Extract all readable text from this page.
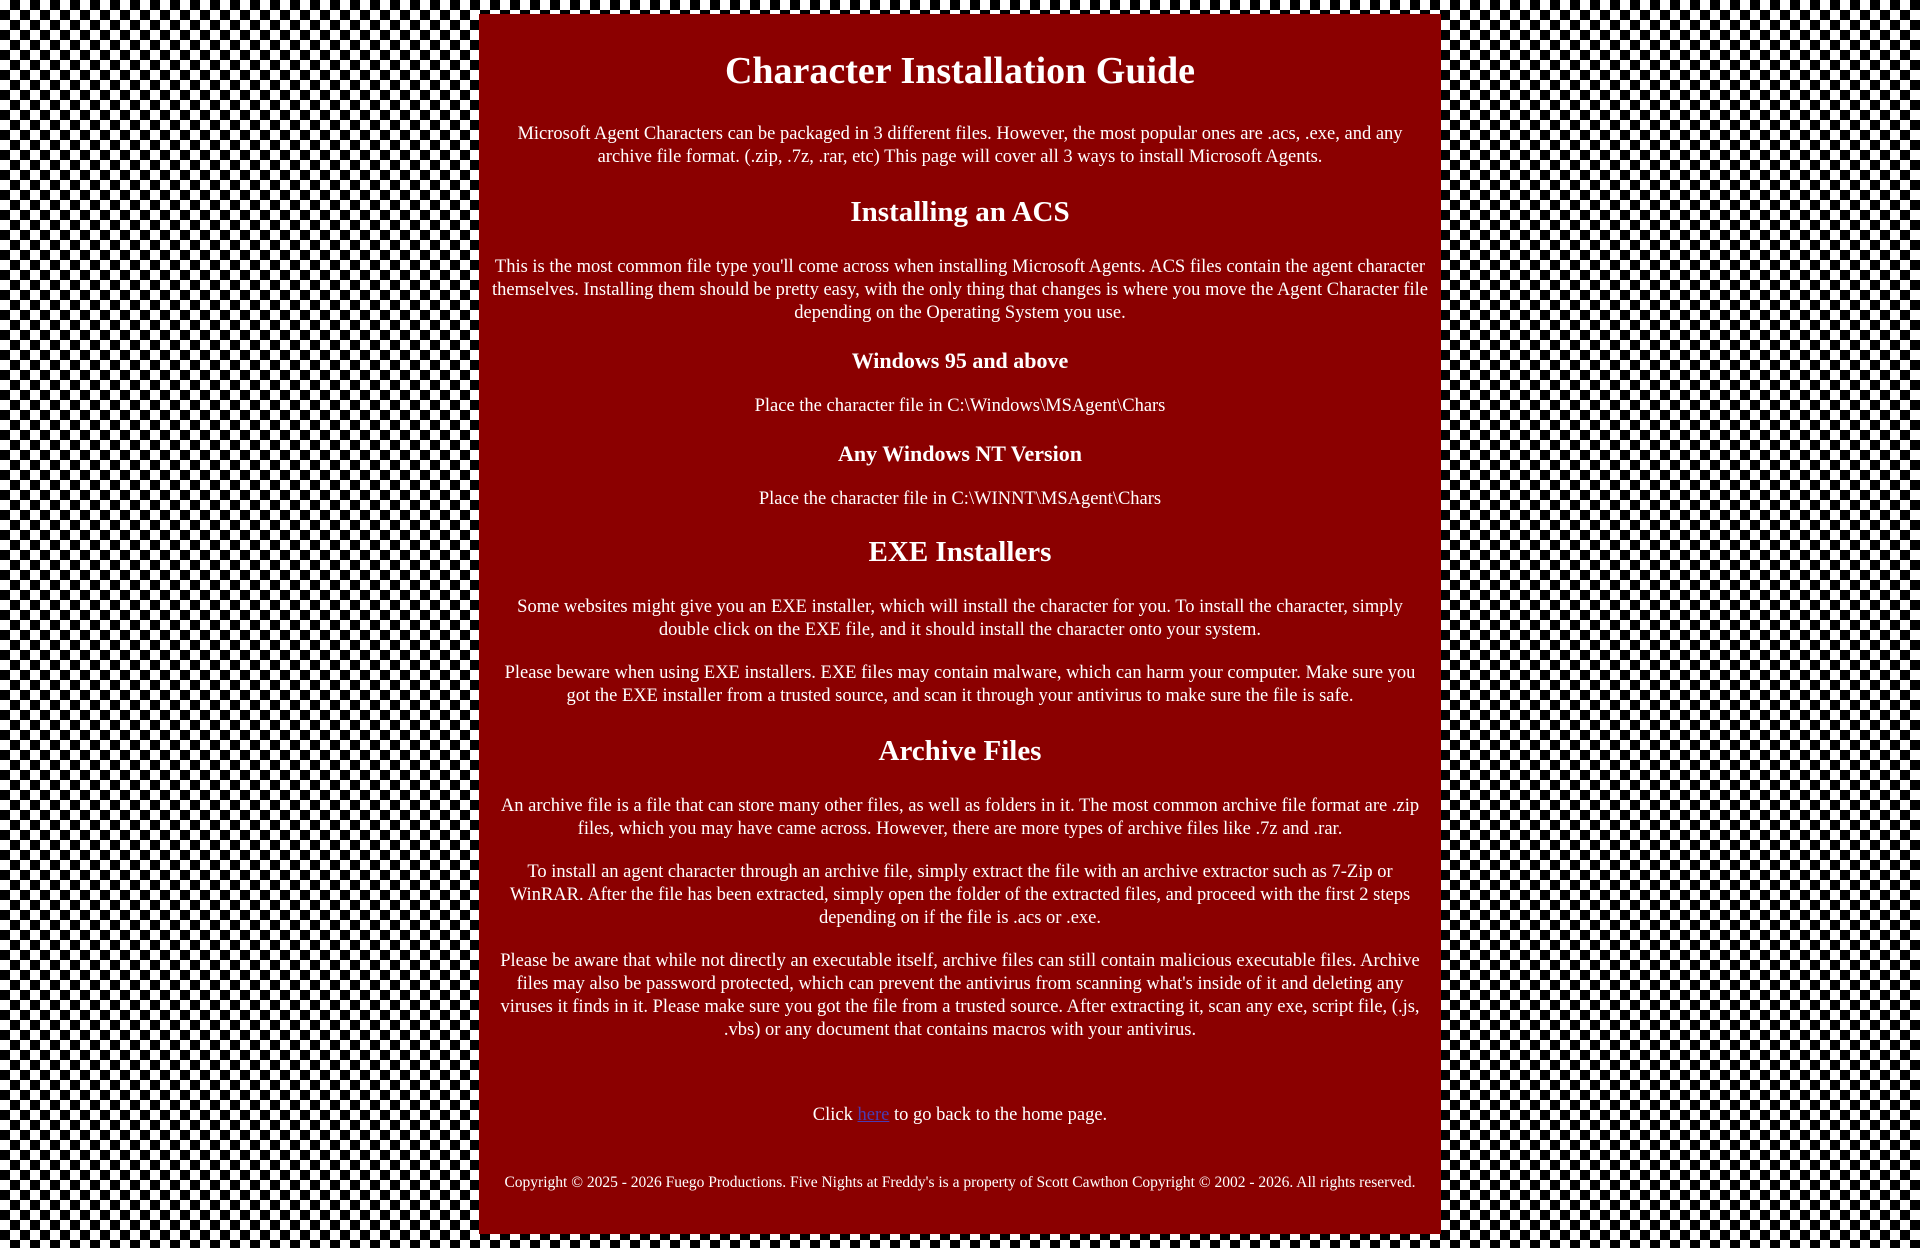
Character Installation Guide

Microsoft Agent Characters can be packaged in 3 different files. However, the most popular ones are .acs, .exe, and any archive file format. (.zip, .7z, .rar, etc) This page will cover all 3 ways to install Microsoft Agents.

Installing an ACS

This is the most common file type you'll come across when installing Microsoft Agents. ACS files contain the agent character themselves. Installing them should be pretty easy, with the only thing that changes is where you move the Agent Character file depending on the Operating System you use.

Windows 95 and above

Place the character file in C:\Windows\MSAgent\Chars

Any Windows NT Version

Place the character file in C:\WINNT\MSAgent\Chars

EXE Installers

Some websites might give you an EXE installer, which will install the character for you. To install the character, simply double click on the EXE file, and it should install the character onto your system.

Please beware when using EXE installers. EXE files may contain malware, which can harm your computer. Make sure you got the EXE installer from a trusted source, and scan it through your antivirus to make sure the file is safe.

Archive Files

An archive file is a file that can store many other files, as well as folders in it. The most common archive file format are .zip files, which you may have came across. However, there are more types of archive files like .7z and .rar.

To install an agent character through an archive file, simply extract the file with an archive extractor such as 7-Zip or WinRAR. After the file has been extracted, simply open the folder of the extracted files, and proceed with the first 2 steps depending on if the file is .acs or .exe.

Please be aware that while not directly an executable itself, archive files can still contain malicious executable files. Archive files may also be password protected, which can prevent the antivirus from scanning what's inside of it and deleting any viruses it finds in it. Please make sure you got the file from a trusted source. After extracting it, scan any exe, script file, (.js, .vbs) or any document that contains macros with your antivirus.

Click here to go back to the home page.

Copyright © 2025 - 2026 Fuego Productions. Five Nights at Freddy's is a property of Scott Cawthon Copyright © 2002 - 2026. All rights reserved.
